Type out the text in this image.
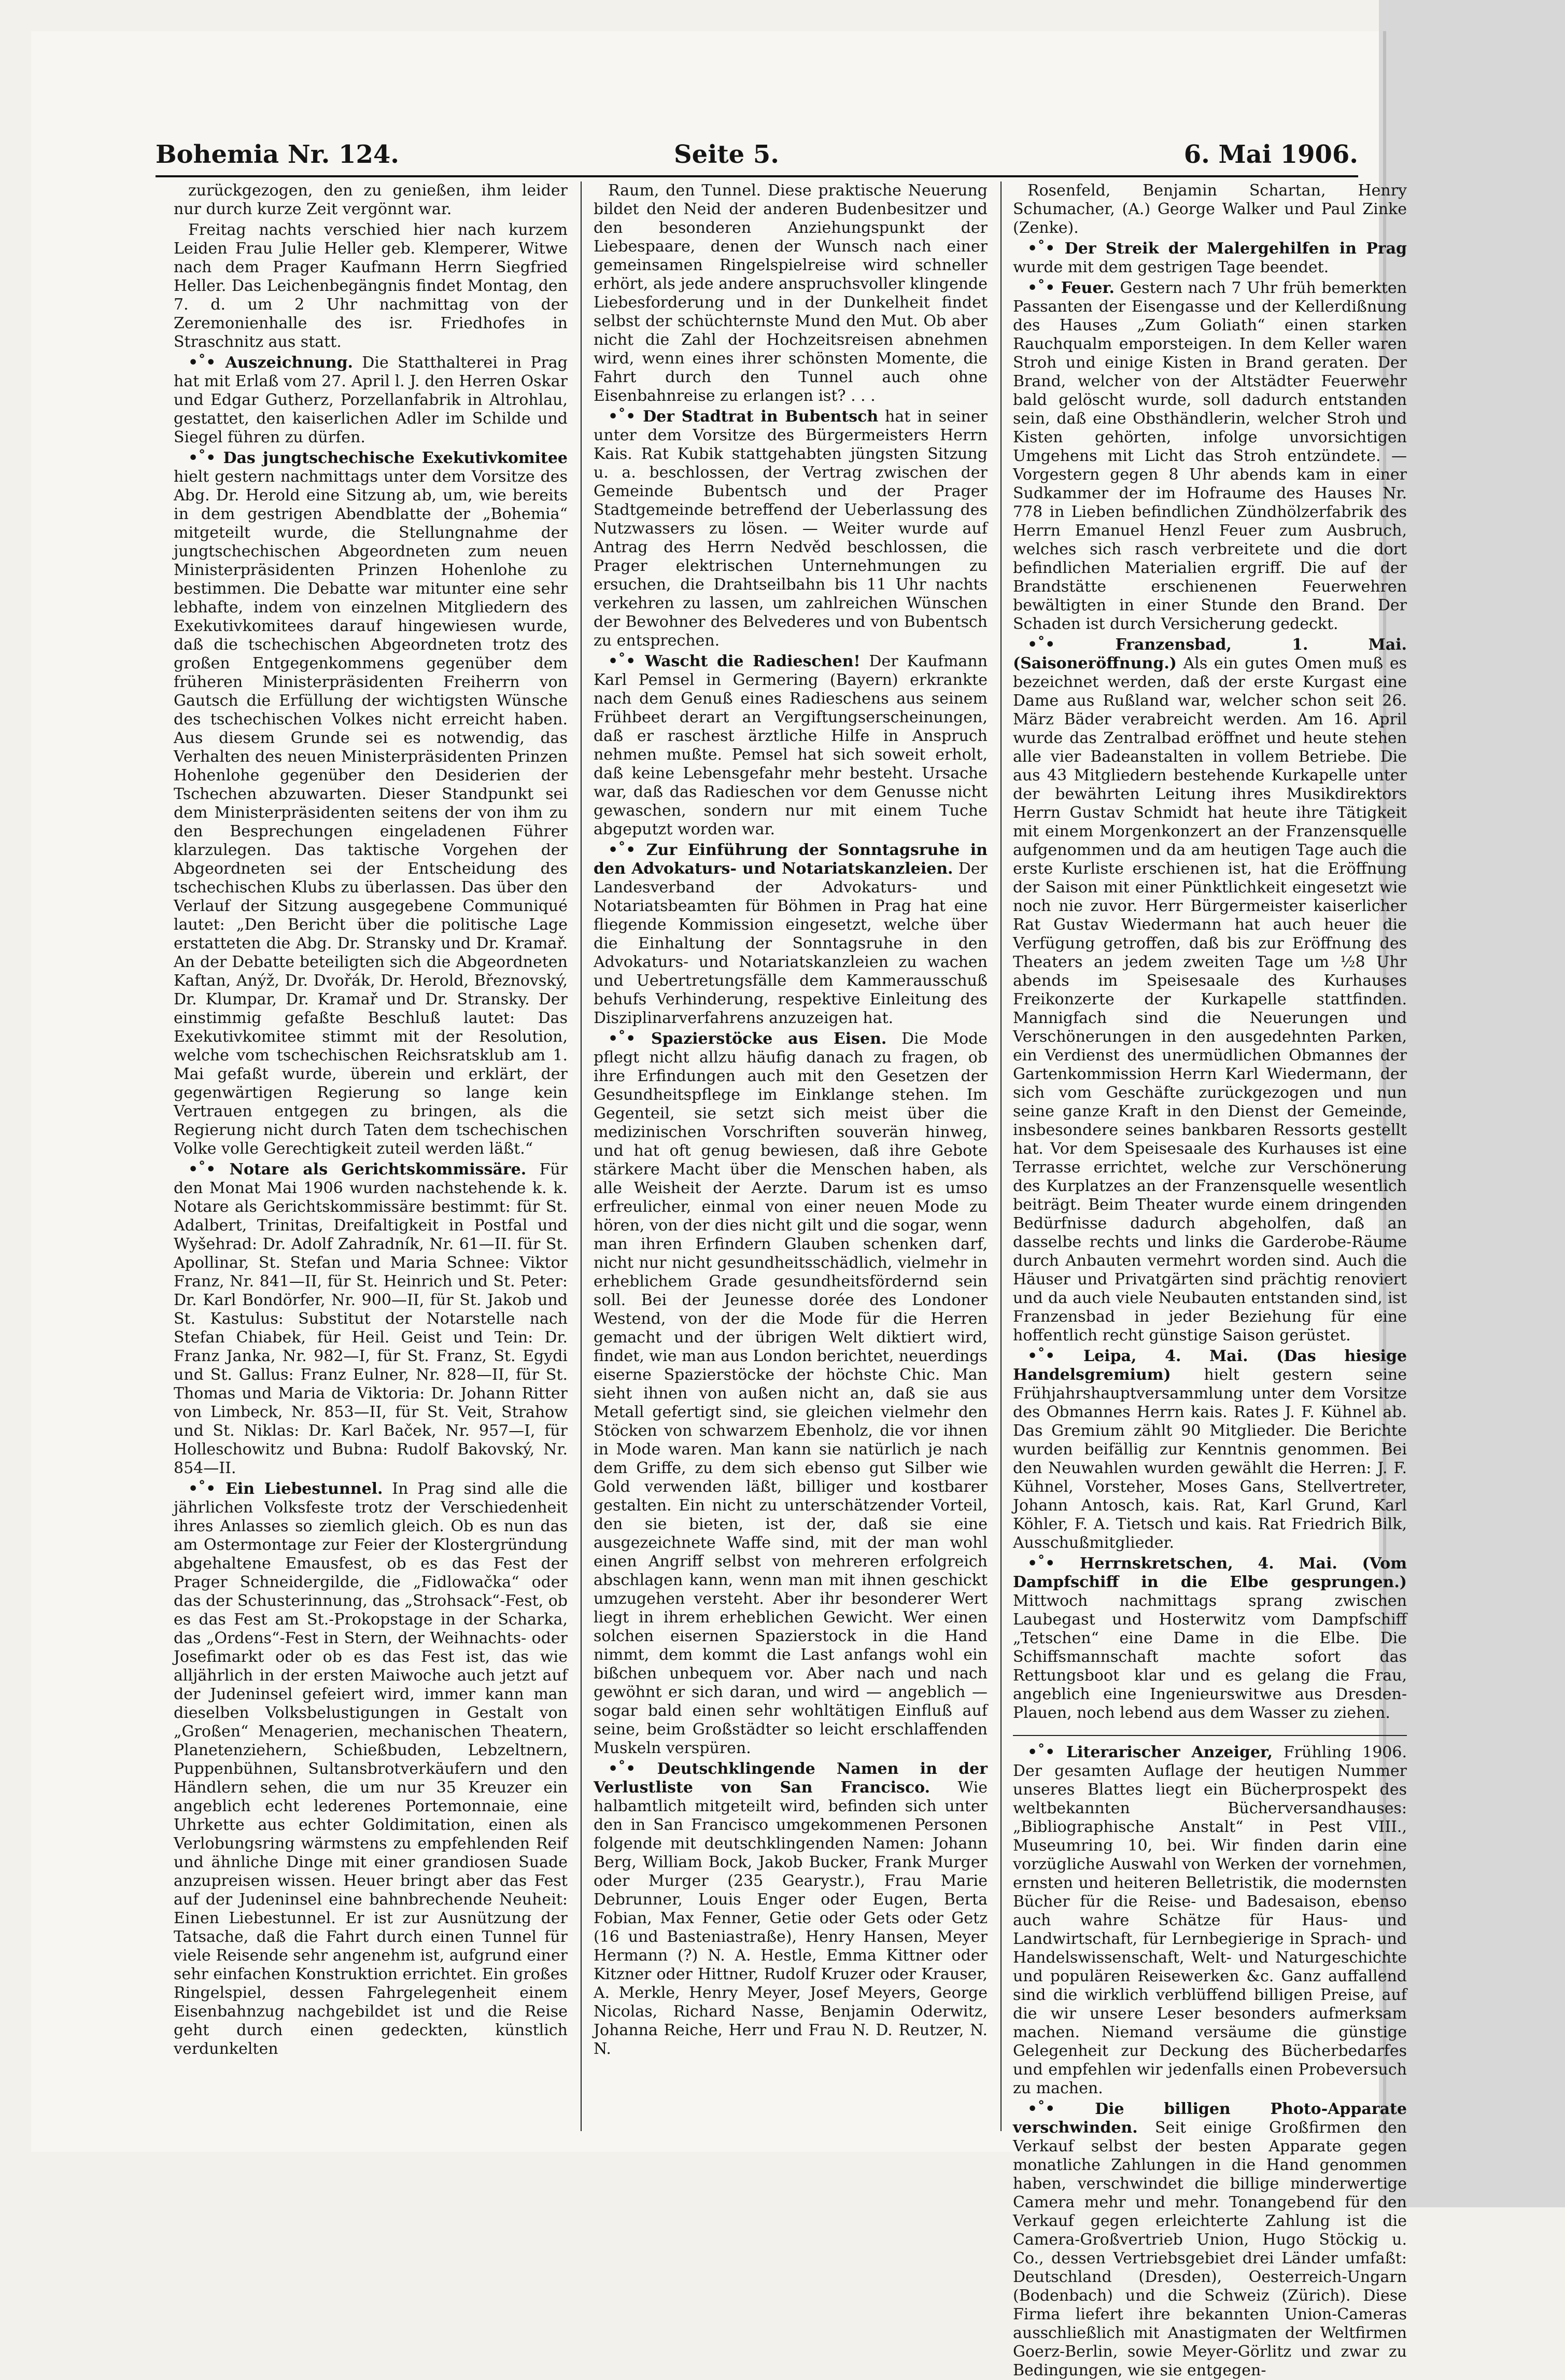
Bohemia Nr. 124.	Seite 5.	6. Mai 1906.

zurückgezogen, den zu genießen, ihm leider nur durch kurze Zeit vergönnt war.

Freitag nachts verschied hier nach kurzem Leiden Frau Julie Heller geb. Klemperer, Witwe nach dem Prager Kaufmann Herrn Siegfried Heller. Das Leichenbegängnis findet Montag, den 7. d. um 2 Uhr nachmittag von der Zeremonienhalle des isr. Friedhofes in Straschnitz aus statt.

•˚• Auszeichnung. Die Statthalterei in Prag hat mit Erlaß vom 27. April l. J. den Herren Oskar und Edgar Gutherz, Porzellanfabrik in Altrohlau, gestattet, den kaiserlichen Adler im Schilde und Siegel führen zu dürfen.

•˚• Das jungtschechische Exekutivkomitee hielt gestern nachmittags unter dem Vorsitze des Abg. Dr. Herold eine Sitzung ab, um, wie bereits in dem gestrigen Abendblatte der „Bohemia“ mitgeteilt wurde, die Stellungnahme der jungtschechischen Abgeordneten zum neuen Ministerpräsidenten Prinzen Hohenlohe zu bestimmen. Die Debatte war mitunter eine sehr lebhafte, indem von einzelnen Mitgliedern des Exekutivkomitees darauf hingewiesen wurde, daß die tschechischen Abgeordneten trotz des großen Entgegenkommens gegenüber dem früheren Ministerpräsidenten Freiherrn von Gautsch die Erfüllung der wichtigsten Wünsche des tschechischen Volkes nicht erreicht haben. Aus diesem Grunde sei es notwendig, das Verhalten des neuen Ministerpräsidenten Prinzen Hohenlohe gegenüber den Desiderien der Tschechen abzuwarten. Dieser Standpunkt sei dem Ministerpräsidenten seitens der von ihm zu den Besprechungen eingeladenen Führer klarzulegen. Das taktische Vorgehen der Abgeordneten sei der Entscheidung des tschechischen Klubs zu überlassen. Das über den Verlauf der Sitzung ausgegebene Communiqué lautet: „Den Bericht über die politische Lage erstatteten die Abg. Dr. Stransky und Dr. Kramař. An der Debatte beteiligten sich die Abgeordneten Kaftan, Anýž, Dr. Dvořák, Dr. Herold, Březnovský, Dr. Klumpar, Dr. Kramař und Dr. Stransky. Der einstimmig gefaßte Beschluß lautet: Das Exekutivkomitee stimmt mit der Resolution, welche vom tschechischen Reichsratsklub am 1. Mai gefaßt wurde, überein und erklärt, der gegenwärtigen Regierung so lange kein Vertrauen entgegen zu bringen, als die Regierung nicht durch Taten dem tschechischen Volke volle Gerechtigkeit zuteil werden läßt.“

•˚• Notare als Gerichtskommissäre. Für den Monat Mai 1906 wurden nachstehende k. k. Notare als Gerichtskommissäre bestimmt: für St. Adalbert, Trinitas, Dreifaltigkeit in Postfal und Wyšehrad: Dr. Adolf Zahradník, Nr. 61—II. für St. Apollinar, St. Stefan und Maria Schnee: Viktor Franz, Nr. 841—II, für St. Heinrich und St. Peter: Dr. Karl Bondörfer, Nr. 900—II, für St. Jakob und St. Kastulus: Substitut der Notarstelle nach Stefan Chiabek, für Heil. Geist und Tein: Dr. Franz Janka, Nr. 982—I, für St. Franz, St. Egydi und St. Gallus: Franz Eulner, Nr. 828—II, für St. Thomas und Maria de Viktoria: Dr. Johann Ritter von Limbeck, Nr. 853—II, für St. Veit, Strahow und St. Niklas: Dr. Karl Baček, Nr. 957—I, für Holleschowitz und Bubna: Rudolf Bakovský, Nr. 854—II.

•˚• Ein Liebestunnel. In Prag sind alle die jährlichen Volksfeste trotz der Verschiedenheit ihres Anlasses so ziemlich gleich. Ob es nun das am Ostermontage zur Feier der Klostergründung abgehaltene Emausfest, ob es das Fest der Prager Schneidergilde, die „Fidlowačka“ oder das der Schusterinnung, das „Strohsack“-Fest, ob es das Fest am St.-Prokopstage in der Scharka, das „Ordens“-Fest in Stern, der Weihnachts- oder Josefimarkt oder ob es das Fest ist, das wie alljährlich in der ersten Maiwoche auch jetzt auf der Judeninsel gefeiert wird, immer kann man dieselben Volksbelustigungen in Gestalt von „Großen“ Menagerien, mechanischen Theatern, Planetenziehern, Schießbuden, Lebzeltnern, Puppenbühnen, Sultansbrotverkäufern und den Händlern sehen, die um nur 35 Kreuzer ein angeblich echt lederenes Portemonnaie, eine Uhrkette aus echter Goldimitation, einen als Verlobungsring wärmstens zu empfehlenden Reif und ähnliche Dinge mit einer grandiosen Suade anzupreisen wissen. Heuer bringt aber das Fest auf der Judeninsel eine bahnbrechende Neuheit: Einen Liebestunnel. Er ist zur Ausnützung der Tatsache, daß die Fahrt durch einen Tunnel für viele Reisende sehr angenehm ist, aufgrund einer sehr einfachen Konstruktion errichtet. Ein großes Ringelspiel, dessen Fahrgelegenheit einem Eisenbahnzug nachgebildet ist und die Reise geht durch einen gedeckten, künstlich verdunkelten

Raum, den Tunnel. Diese praktische Neuerung bildet den Neid der anderen Budenbesitzer und den besonderen Anziehungspunkt der Liebespaare, denen der Wunsch nach einer gemeinsamen Ringelspielreise wird schneller erhört, als jede andere anspruchsvoller klingende Liebesforderung und in der Dunkelheit findet selbst der schüchternste Mund den Mut. Ob aber nicht die Zahl der Hochzeitsreisen abnehmen wird, wenn eines ihrer schönsten Momente, die Fahrt durch den Tunnel auch ohne Eisenbahnreise zu erlangen ist? . . .

•˚• Der Stadtrat in Bubentsch hat in seiner unter dem Vorsitze des Bürgermeisters Herrn Kais. Rat Kubik stattgehabten jüngsten Sitzung u. a. beschlossen, der Vertrag zwischen der Gemeinde Bubentsch und der Prager Stadtgemeinde betreffend der Ueberlassung des Nutzwassers zu lösen. — Weiter wurde auf Antrag des Herrn Nedvěd beschlossen, die Prager elektrischen Unternehmungen zu ersuchen, die Drahtseilbahn bis 11 Uhr nachts verkehren zu lassen, um zahlreichen Wünschen der Bewohner des Belvederes und von Bubentsch zu entsprechen.

•˚• Wascht die Radieschen! Der Kaufmann Karl Pemsel in Germering (Bayern) erkrankte nach dem Genuß eines Radieschens aus seinem Frühbeet derart an Vergiftungserscheinungen, daß er raschest ärztliche Hilfe in Anspruch nehmen mußte. Pemsel hat sich soweit erholt, daß keine Lebensgefahr mehr besteht. Ursache war, daß das Radieschen vor dem Genusse nicht gewaschen, sondern nur mit einem Tuche abgeputzt worden war.

•˚• Zur Einführung der Sonntagsruhe in den Advokaturs- und Notariatskanzleien. Der Landesverband der Advokaturs- und Notariatsbeamten für Böhmen in Prag hat eine fliegende Kommission eingesetzt, welche über die Einhaltung der Sonntagsruhe in den Advokaturs- und Notariatskanzleien zu wachen und Uebertretungsfälle dem Kammerausschuß behufs Verhinderung, respektive Einleitung des Disziplinarverfahrens anzuzeigen hat.

•˚• Spazierstöcke aus Eisen. Die Mode pflegt nicht allzu häufig danach zu fragen, ob ihre Erfindungen auch mit den Gesetzen der Gesundheitspflege im Einklange stehen. Im Gegenteil, sie setzt sich meist über die medizinischen Vorschriften souverän hinweg, und hat oft genug bewiesen, daß ihre Gebote stärkere Macht über die Menschen haben, als alle Weisheit der Aerzte. Darum ist es umso erfreulicher, einmal von einer neuen Mode zu hören, von der dies nicht gilt und die sogar, wenn man ihren Erfindern Glauben schenken darf, nicht nur nicht gesundheitsschädlich, vielmehr in erheblichem Grade gesundheitsfördernd sein soll. Bei der Jeunesse dorée des Londoner Westend, von der die Mode für die Herren gemacht und der übrigen Welt diktiert wird, findet, wie man aus London berichtet, neuerdings eiserne Spazierstöcke der höchste Chic. Man sieht ihnen von außen nicht an, daß sie aus Metall gefertigt sind, sie gleichen vielmehr den Stöcken von schwarzem Ebenholz, die vor ihnen in Mode waren. Man kann sie natürlich je nach dem Griffe, zu dem sich ebenso gut Silber wie Gold verwenden läßt, billiger und kostbarer gestalten. Ein nicht zu unterschätzender Vorteil, den sie bieten, ist der, daß sie eine ausgezeichnete Waffe sind, mit der man wohl einen Angriff selbst von mehreren erfolgreich abschlagen kann, wenn man mit ihnen geschickt umzugehen versteht. Aber ihr besonderer Wert liegt in ihrem erheblichen Gewicht. Wer einen solchen eisernen Spazierstock in die Hand nimmt, dem kommt die Last anfangs wohl ein bißchen unbequem vor. Aber nach und nach gewöhnt er sich daran, und wird — angeblich — sogar bald einen sehr wohltätigen Einfluß auf seine, beim Großstädter so leicht erschlaffenden Muskeln verspüren.

•˚• Deutschklingende Namen in der Verlustliste von San Francisco. Wie halbamtlich mitgeteilt wird, befinden sich unter den in San Francisco umgekommenen Personen folgende mit deutschklingenden Namen: Johann Berg, William Bock, Jakob Bucker, Frank Murger oder Murger (235 Gearystr.), Frau Marie Debrunner, Louis Enger oder Eugen, Berta Fobian, Max Fenner, Getie oder Gets oder Getz (16 und Basteniastraße), Henry Hansen, Meyer Hermann (?) N. A. Hestle, Emma Kittner oder Kitzner oder Hittner, Rudolf Kruzer oder Krauser, A. Merkle, Henry Meyer, Josef Meyers, George Nicolas, Richard Nasse, Benjamin Oderwitz, Johanna Reiche, Herr und Frau N. D. Reutzer, N. N.

Rosenfeld, Benjamin Schartan, Henry Schumacher, (A.) George Walker und Paul Zinke (Zenke).

•˚• Der Streik der Malergehilfen in Prag wurde mit dem gestrigen Tage beendet.

•˚• Feuer. Gestern nach 7 Uhr früh bemerkten Passanten der Eisengasse und der Kellerdißnung des Hauses „Zum Goliath“ einen starken Rauchqualm emporsteigen. In dem Keller waren Stroh und einige Kisten in Brand geraten. Der Brand, welcher von der Altstädter Feuerwehr bald gelöscht wurde, soll dadurch entstanden sein, daß eine Obsthändlerin, welcher Stroh und Kisten gehörten, infolge unvorsichtigen Umgehens mit Licht das Stroh entzündete. — Vorgestern gegen 8 Uhr abends kam in einer Sudkammer der im Hofraume des Hauses Nr. 778 in Lieben befindlichen Zündhölzerfabrik des Herrn Emanuel Henzl Feuer zum Ausbruch, welches sich rasch verbreitete und die dort befindlichen Materialien ergriff. Die auf der Brandstätte erschienenen Feuerwehren bewältigten in einer Stunde den Brand. Der Schaden ist durch Versicherung gedeckt.

•˚• Franzensbad, 1. Mai. (Saisoneröffnung.) Als ein gutes Omen muß es bezeichnet werden, daß der erste Kurgast eine Dame aus Rußland war, welcher schon seit 26. März Bäder verabreicht werden. Am 16. April wurde das Zentralbad eröffnet und heute stehen alle vier Badeanstalten in vollem Betriebe. Die aus 43 Mitgliedern bestehende Kurkapelle unter der bewährten Leitung ihres Musikdirektors Herrn Gustav Schmidt hat heute ihre Tätigkeit mit einem Morgenkonzert an der Franzensquelle aufgenommen und da am heutigen Tage auch die erste Kurliste erschienen ist, hat die Eröffnung der Saison mit einer Pünktlichkeit eingesetzt wie noch nie zuvor. Herr Bürgermeister kaiserlicher Rat Gustav Wiedermann hat auch heuer die Verfügung getroffen, daß bis zur Eröffnung des Theaters an jedem zweiten Tage um ½8 Uhr abends im Speisesaale des Kurhauses Freikonzerte der Kurkapelle stattfinden. Mannigfach sind die Neuerungen und Verschönerungen in den ausgedehnten Parken, ein Verdienst des unermüdlichen Obmannes der Gartenkommission Herrn Karl Wiedermann, der sich vom Geschäfte zurückgezogen und nun seine ganze Kraft in den Dienst der Gemeinde, insbesondere seines bankbaren Ressorts gestellt hat. Vor dem Speisesaale des Kurhauses ist eine Terrasse errichtet, welche zur Verschönerung des Kurplatzes an der Franzensquelle wesentlich beiträgt. Beim Theater wurde einem dringenden Bedürfnisse dadurch abgeholfen, daß an dasselbe rechts und links die Garderobe-Räume durch Anbauten vermehrt worden sind. Auch die Häuser und Privatgärten sind prächtig renoviert und da auch viele Neubauten entstanden sind, ist Franzensbad in jeder Beziehung für eine hoffentlich recht günstige Saison gerüstet.

•˚• Leipa, 4. Mai. (Das hiesige Handelsgremium) hielt gestern seine Frühjahrshauptversammlung unter dem Vorsitze des Obmannes Herrn kais. Rates J. F. Kühnel ab. Das Gremium zählt 90 Mitglieder. Die Berichte wurden beifällig zur Kenntnis genommen. Bei den Neuwahlen wurden gewählt die Herren: J. F. Kühnel, Vorsteher, Moses Gans, Stellvertreter, Johann Antosch, kais. Rat, Karl Grund, Karl Köhler, F. A. Tietsch und kais. Rat Friedrich Bilk, Ausschußmitglieder.

•˚• Herrnskretschen, 4. Mai. (Vom Dampfschiff in die Elbe gesprungen.) Mittwoch nachmittags sprang zwischen Laubegast und Hosterwitz vom Dampfschiff „Tetschen“ eine Dame in die Elbe. Die Schiffsmannschaft machte sofort das Rettungsboot klar und es gelang die Frau, angeblich eine Ingenieurswitwe aus Dresden-Plauen, noch lebend aus dem Wasser zu ziehen.

•˚• Literarischer Anzeiger, Frühling 1906. Der gesamten Auflage der heutigen Nummer unseres Blattes liegt ein Bücherprospekt des weltbekannten Bücherversandhauses: „Bibliographische Anstalt“ in Pest VIII., Museumring 10, bei. Wir finden darin eine vorzügliche Auswahl von Werken der vornehmen, ernsten und heiteren Belletristik, die modernsten Bücher für die Reise- und Badesaison, ebenso auch wahre Schätze für Haus- und Landwirtschaft, für Lernbegierige in Sprach- und Handelswissenschaft, Welt- und Naturgeschichte und populären Reisewerken &c. Ganz auffallend sind die wirklich verblüffend billigen Preise, auf die wir unsere Leser besonders aufmerksam machen. Niemand versäume die günstige Gelegenheit zur Deckung des Bücherbedarfes und empfehlen wir jedenfalls einen Probeversuch zu machen.

•˚• Die billigen Photo-Apparate verschwinden. Seit einige Großfirmen den Verkauf selbst der besten Apparate gegen monatliche Zahlungen in die Hand genommen haben, verschwindet die billige minderwertige Camera mehr und mehr. Tonangebend für den Verkauf gegen erleichterte Zahlung ist die Camera-Großvertrieb Union, Hugo Stöckig u. Co., dessen Vertriebsgebiet drei Länder umfaßt: Deutschland (Dresden), Oesterreich-Ungarn (Bodenbach) und die Schweiz (Zürich). Diese Firma liefert ihre bekannten Union-Cameras ausschließlich mit Anastigmaten der Weltfirmen Goerz-Berlin, sowie Meyer-Görlitz und zwar zu Bedingungen, wie sie entgegen-
